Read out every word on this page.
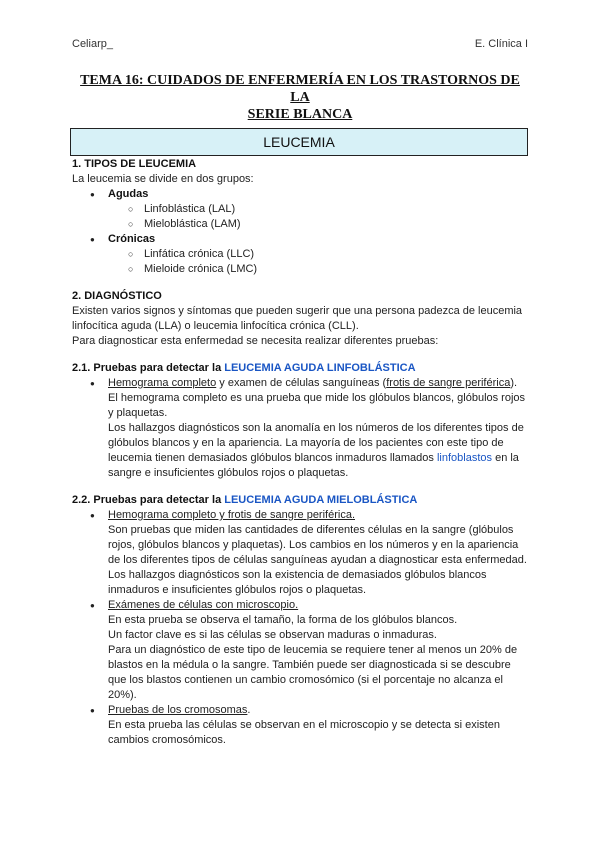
Celiarp_	E. Clínica I
TEMA 16: CUIDADOS DE ENFERMERÍA EN LOS TRASTORNOS DE LA
SERIE BLANCA
LEUCEMIA
1. TIPOS DE LEUCEMIA
La leucemia se divide en dos grupos:
● Agudas
○ Linfoblástica (LAL)
○ Mieloblástica (LAM)
● Crónicas
○ Linfática crónica (LLC)
○ Mieloide crónica (LMC)
2. DIAGNÓSTICO
Existen varios signos y síntomas que pueden sugerir que una persona padezca de leucemia linfocítica aguda (LLA) o leucemia linfocítica crónica (CLL).
Para diagnosticar esta enfermedad se necesita realizar diferentes pruebas:
2.1. Pruebas para detectar la LEUCEMIA AGUDA LINFOBLÁSTICA
● Hemograma completo y examen de células sanguíneas (frotis de sangre periférica).
El hemograma completo es una prueba que mide los glóbulos blancos, glóbulos rojos y plaquetas.
Los hallazgos diagnósticos son la anomalía en los números de los diferentes tipos de glóbulos blancos y en la apariencia. La mayoría de los pacientes con este tipo de leucemia tienen demasiados glóbulos blancos inmaduros llamados linfoblastos en la sangre e insuficientes glóbulos rojos o plaquetas.
2.2. Pruebas para detectar la LEUCEMIA AGUDA MIELOBLÁSTICA
● Hemograma completo y frotis de sangre periférica.
Son pruebas que miden las cantidades de diferentes células en la sangre (glóbulos rojos, glóbulos blancos y plaquetas). Los cambios en los números y en la apariencia de los diferentes tipos de células sanguíneas ayudan a diagnosticar esta enfermedad.
Los hallazgos diagnósticos son la existencia de demasiados glóbulos blancos inmaduros e insuficientes glóbulos rojos o plaquetas.
● Exámenes de células con microscopio.
En esta prueba se observa el tamaño, la forma de los glóbulos blancos.
Un factor clave es si las células se observan maduras o inmaduras.
Para un diagnóstico de este tipo de leucemia se requiere tener al menos un 20% de blastos en la médula o la sangre. También puede ser diagnosticada si se descubre que los blastos contienen un cambio cromosómico (si el porcentaje no alcanza el 20%).
● Pruebas de los cromosomas.
En esta prueba las células se observan en el microscopio y se detecta si existen cambios cromosómicos.
